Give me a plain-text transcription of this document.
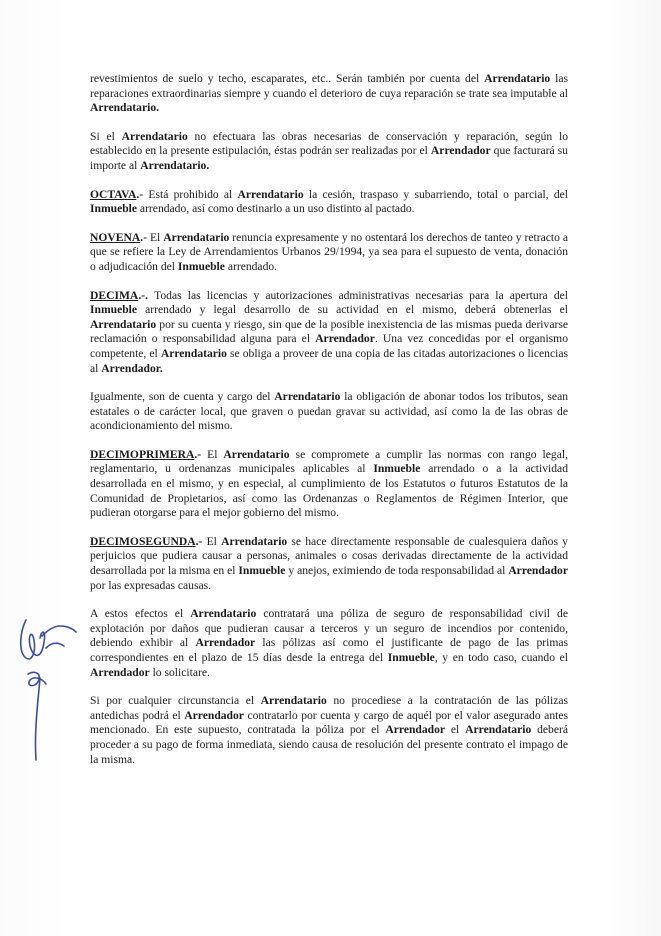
revestimientos de suelo y techo, escaparates, etc.. Serán también por cuenta del Arrendatario las reparaciones extraordinarias siempre y cuando el deterioro de cuya reparación se trate sea imputable al Arrendatario.

Si el Arrendatario no efectuara las obras necesarias de conservación y reparación, según lo establecido en la presente estipulación, éstas podrán ser realizadas por el Arrendador que facturará su importe al Arrendatario.

OCTAVA.- Está prohibido al Arrendatario la cesión, traspaso y subarriendo, total o parcial, del Inmueble arrendado, así como destinarlo a un uso distinto al pactado.

NOVENA.- El Arrendatario renuncia expresamente y no ostentará los derechos de tanteo y retracto a que se refiere la Ley de Arrendamientos Urbanos 29/1994, ya sea para el supuesto de venta, donación o adjudicación del Inmueble arrendado.

DECIMA.-. Todas las licencias y autorizaciones administrativas necesarias para la apertura del Inmueble arrendado y legal desarrollo de su actividad en el mismo, deberá obtenerlas el Arrendatario por su cuenta y riesgo, sin que de la posible inexistencia de las mismas pueda derivarse reclamación o responsabilidad alguna para el Arrendador. Una vez concedidas por el organismo competente, el Arrendatario se obliga a proveer de una copia de las citadas autorizaciones o licencias al Arrendador.

Igualmente, son de cuenta y cargo del Arrendatario la obligación de abonar todos los tributos, sean estatales o de carácter local, que graven o puedan gravar su actividad, así como la de las obras de acondicionamiento del mismo.

DECIMOPRIMERA.- El Arrendatario se compromete a cumplir las normas con rango legal, reglamentario, u ordenanzas municipales aplicables al Inmueble arrendado o a la actividad desarrollada en el mismo, y en especial, al cumplimiento de los Estatutos o futuros Estatutos de la Comunidad de Propietarios, así como las Ordenanzas o Reglamentos de Régimen Interior, que pudieran otorgarse para el mejor gobierno del mismo.

DECIMOSEGUNDA.- El Arrendatario se hace directamente responsable de cualesquiera daños y perjuicios que pudiera causar a personas, animales o cosas derivadas directamente de la actividad desarrollada por la misma en el Inmueble y anejos, eximiendo de toda responsabilidad al Arrendador por las expresadas causas.

A estos efectos el Arrendatario contratará una póliza de seguro de responsabilidad civil de explotación por daños que pudieran causar a terceros y un seguro de incendios por contenido, debiendo exhibir al Arrendador las pólizas así como el justificante de pago de las primas correspondientes en el plazo de 15 días desde la entrega del Inmueble, y en todo caso, cuando el Arrendador lo solicitare.

Si por cualquier circunstancia el Arrendatario no procediese a la contratación de las pólizas antedichas podrá el Arrendador contratarlo por cuenta y cargo de aquél por el valor asegurado antes mencionado. En este supuesto, contratada la póliza por el Arrendador el Arrendatario deberá proceder a su pago de forma inmediata, siendo causa de resolución del presente contrato el impago de la misma.
